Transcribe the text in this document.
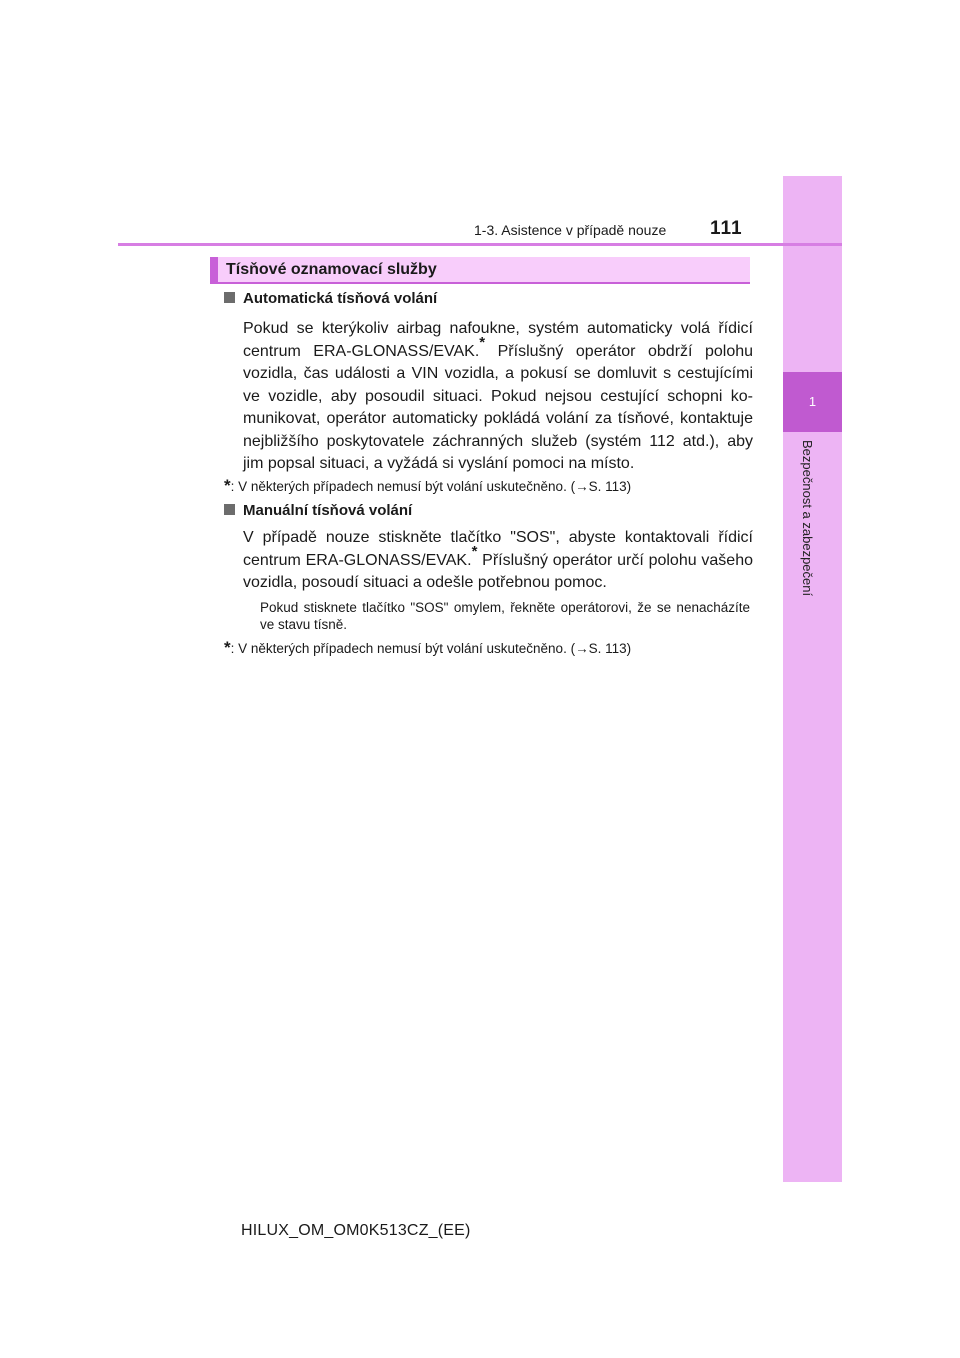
1
Bezpečnost a zabezpečení
1-3. Asistence v případě nouze 111
Tísňové oznamovací služby
Automatická tísňová volání
Pokud se kterýkoliv airbag nafoukne, systém automaticky volá řídicí centrum ERA-GLONASS/EVAK.* Příslušný operátor obdrží polohu vozidla, čas události a VIN vozidla, a pokusí se domluvit s cestujícími ve vozidle, aby posoudil situaci. Pokud nejsou cestující schopni komunikovat, operátor automaticky pokládá volání za tísňové, kontaktuje nejbližšího poskytovatele záchranných služeb (systém 112 atd.), aby jim popsal situaci, a vyžádá si vyslání pomoci na místo.
*: V některých případech nemusí být volání uskutečněno. (→S. 113)
Manuální tísňová volání
V případě nouze stiskněte tlačítko "SOS", abyste kontaktovali řídicí centrum ERA-GLONASS/EVAK.* Příslušný operátor určí polohu vašeho vozidla, posoudí situaci a odešle potřebnou pomoc.
Pokud stisknete tlačítko "SOS" omylem, řekněte operátorovi, že se nenacházíte ve stavu tísně.
*: V některých případech nemusí být volání uskutečněno. (→S. 113)
HILUX_OM_OM0K513CZ_(EE)
